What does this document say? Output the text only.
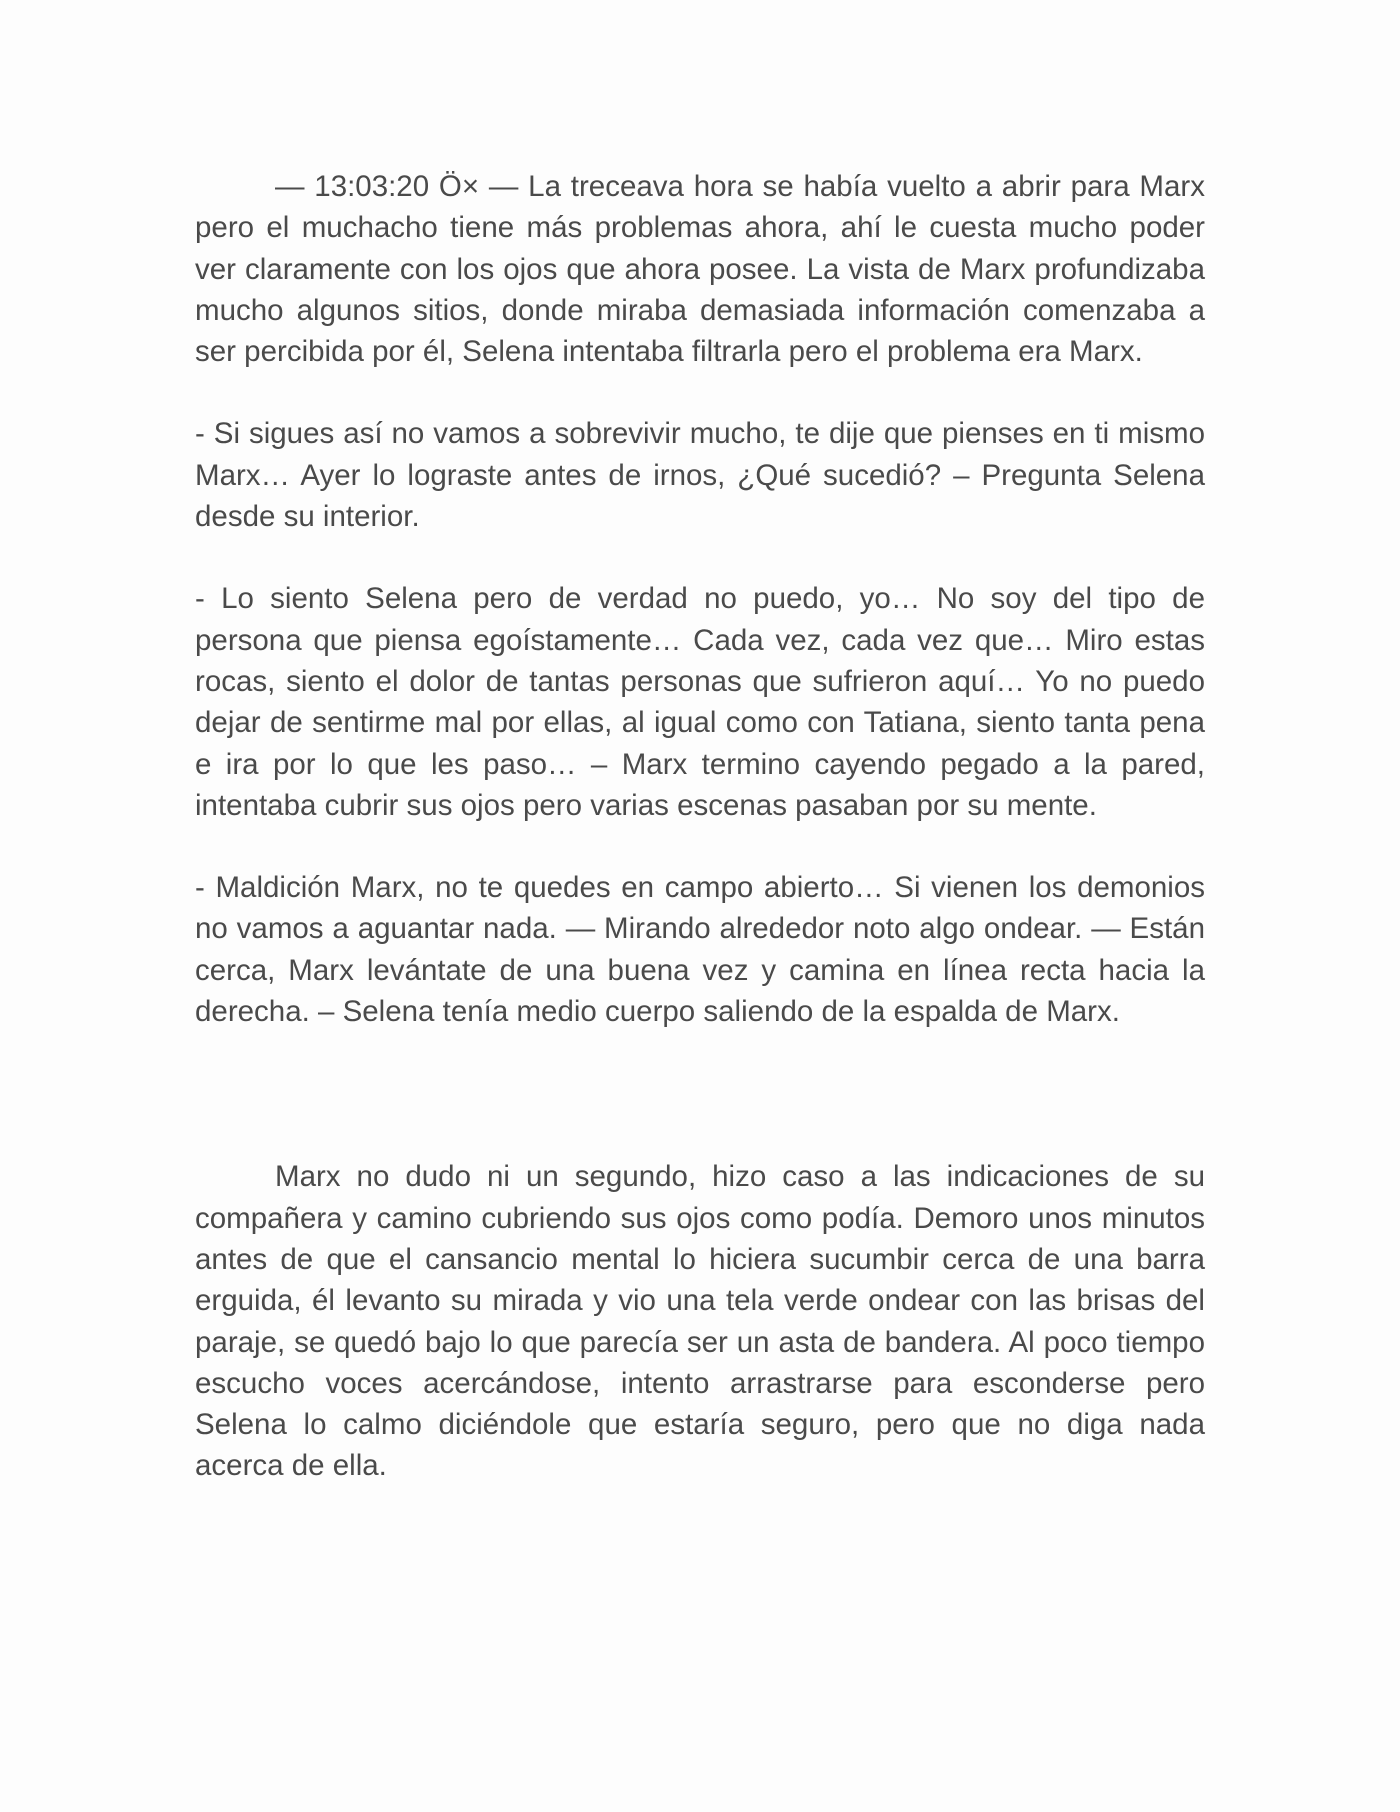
— 13:03:20 Ö× — La treceava hora se había vuelto a abrir para Marx pero el muchacho tiene más problemas ahora, ahí le cuesta mucho poder ver claramente con los ojos que ahora posee. La vista de Marx profundizaba mucho algunos sitios, donde miraba demasiada información comenzaba a ser percibida por él, Selena intentaba filtrarla pero el problema era Marx.

- Si sigues así no vamos a sobrevivir mucho, te dije que pienses en ti mismo Marx… Ayer lo lograste antes de irnos, ¿Qué sucedió? – Pregunta Selena desde su interior.

- Lo siento Selena pero de verdad no puedo, yo… No soy del tipo de persona que piensa egoístamente… Cada vez, cada vez que… Miro estas rocas, siento el dolor de tantas personas que sufrieron aquí… Yo no puedo dejar de sentirme mal por ellas, al igual como con Tatiana, siento tanta pena e ira por lo que les paso… – Marx termino cayendo pegado a la pared, intentaba cubrir sus ojos pero varias escenas pasaban por su mente.

- Maldición Marx, no te quedes en campo abierto… Si vienen los demonios no vamos a aguantar nada. — Mirando alrededor noto algo ondear. — Están cerca, Marx levántate de una buena vez y camina en línea recta hacia la derecha. – Selena tenía medio cuerpo saliendo de la espalda de Marx.

Marx no dudo ni un segundo, hizo caso a las indicaciones de su compañera y camino cubriendo sus ojos como podía. Demoro unos minutos antes de que el cansancio mental lo hiciera sucumbir cerca de una barra erguida, él levanto su mirada y vio una tela verde ondear con las brisas del paraje, se quedó bajo lo que parecía ser un asta de bandera. Al poco tiempo escucho voces acercándose, intento arrastrarse para esconderse pero Selena lo calmo diciéndole que estaría seguro, pero que no diga nada acerca de ella.
